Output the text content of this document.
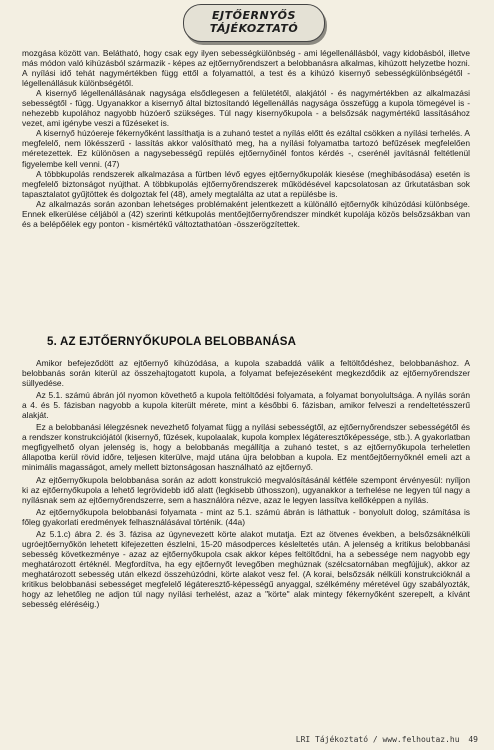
EJTŐERNYŐS
TÁJÉKOZTATÓ

mozgása között van. Belátható, hogy csak egy ilyen sebességkülönbség - ami légellenállásból, vagy kidobásból, illetve más módon való kihúzásból származik - képes az ejtőernyőrendszert a belobbanásra alkalmas, kihúzott helyzetbe hozni. A nyílási idő tehát nagymértékben függ ettől a folyamattól, a test és a kihúzó kisernyő sebességkülönbségétől - légellenállásuk különbségétől.

A kisernyő légellenállásának nagysága elsődlegesen a felületétől, alakjától - és nagymértékben az alkalmazási sebességtől - függ. Ugyanakkor a kisernyő által biztosítandó légellenállás nagysága összefügg a kupola tömegével is - nehezebb kupolához nagyobb húzóerő szükséges. Túl nagy kisernyőkupola - a belsőzsák nagymértékű lassításához vezet, ami igénybe veszi a fűzéseket is.

A kisernyő húzóereje fékernyőként lassíthatja is a zuhanó testet a nyílás előtt és ezáltal csökken a nyílási terhelés. A megfelelő, nem lökésszerű - lassítás akkor valósítható meg, ha a nyílási folyamatba tartozó befűzések megfelelően méretezettek. Ez különösen a nagysebességű repülés ejtőernyőinél fontos kérdés -, cserénél javításnál feltétlenül figyelembe kell venni. (47)

A többkupolás rendszerek alkalmazása a fürtben lévő egyes ejtőernyőkupolák kiesése (meghibásodása) esetén is megfelelő biztonságot nyújthat. A többkupolás ejtőernyőrendszerek működésével kapcsolatosan az űrkutatásban sok tapasztalatot gyűjtöttek és dolgoztak fel (48), amely megtalálta az utat a repülésbe is.

Az alkalmazás során azonban lehetséges problémaként jelentkezett a különálló ejtőernyők kihúzódási különbsége. Ennek elkerülése céljából a (42) szerinti kétkupolás mentőejtőernyőrendszer mindkét kupolája közös belsőzsákban van és a belépőélek egy ponton - kismértékű változtathatóan -összerögzítettek.

5. AZ EJTŐERNYŐKUPOLA BELOBBANÁSA

Amikor befejeződött az ejtőernyő kihúzódása, a kupola szabaddá válik a feltöltődéshez, belobbanáshoz. A belobbanás során kiterül az összehajtogatott kupola, a folyamat befejezéseként megkezdődik az ejtőernyőrendszer süllyedése.

Az 5.1. számú ábrán jól nyomon követhető a kupola feltöltődési folyamata, a folyamat bonyolultsága. A nyílás során a 4. és 5. fázisban nagyobb a kupola kiterült mérete, mint a későbbi 6. fázisban, amikor felveszi a rendeltetésszerű alakját.

Ez a belobbanási lélegzésnek nevezhető folyamat függ a nyílási sebességtől, az ejtőernyőrendszer sebességétől és a rendszer konstrukciójától (kisernyő, fűzések, kupolaalak, kupola komplex légáteresztőképessége, stb.). A gyakorlatban megfigyelhető olyan jelenség is, hogy a belobbanás megállítja a zuhanó testet, s az ejtőernyőkupola terheletlen állapotba kerül rövid időre, teljesen kiterülve, majd utána újra belobban a kupola. Ez mentőejtőernyőknél emeli azt a minimális magasságot, amely mellett biztonságosan használható az ejtőernyő.

Az ejtőernyőkupola belobbanása során az adott konstrukció megvalósításánál kétféle szempont érvényesül: nyíljon ki az ejtőernyőkupola a lehető legrövidebb idő alatt (legkisebb úthosszon), ugyanakkor a terhelése ne legyen túl nagy a nyílásnak sem az ejtőernyőrendszerre, sem a használóra nézve, azaz le legyen lassítva kellőképpen a nyílás.

Az ejtőernyőkupola belobbanási folyamata - mint az 5.1. számú ábrán is láthattuk - bonyolult dolog, számítása is főleg gyakorlati eredmények felhasználásával történik. (44a)

Az 5.1.c) ábra 2. és 3. fázisa az úgynevezett körte alakot mutatja. Ezt az ötvenes években, a belsőzsáknélküli ugróejtőernyőkön lehetett kifejezetten észlelni, 15-20 másodperces késleltetés után. A jelenség a kritikus belobbanási sebesség következménye - azaz az ejtőernyőkupola csak akkor képes feltöltődni, ha a sebessége nem nagyobb egy meghatározott értéknél. Megfordítva, ha egy ejtőernyőt levegőben meghúznak (szélcsatornában megfújjuk), akkor az meghatározott sebesség után elkezd összehúzódni, körte alakot vesz fel. (A korai, belsőzsák nélküli konstrukcióknál a kritikus belobbanási sebességet megfelelő légáteresztő-képességű anyaggal, szélkémény méretével ügy szabályozták, hogy az lehetőleg ne adjon túl nagy nyílási terhelést, azaz a "körte" alak mintegy fékernyőként szerepelt, a kívánt sebesség eléréséig.)

LRI Tájékoztató / www.felhoutaz.hu 49
